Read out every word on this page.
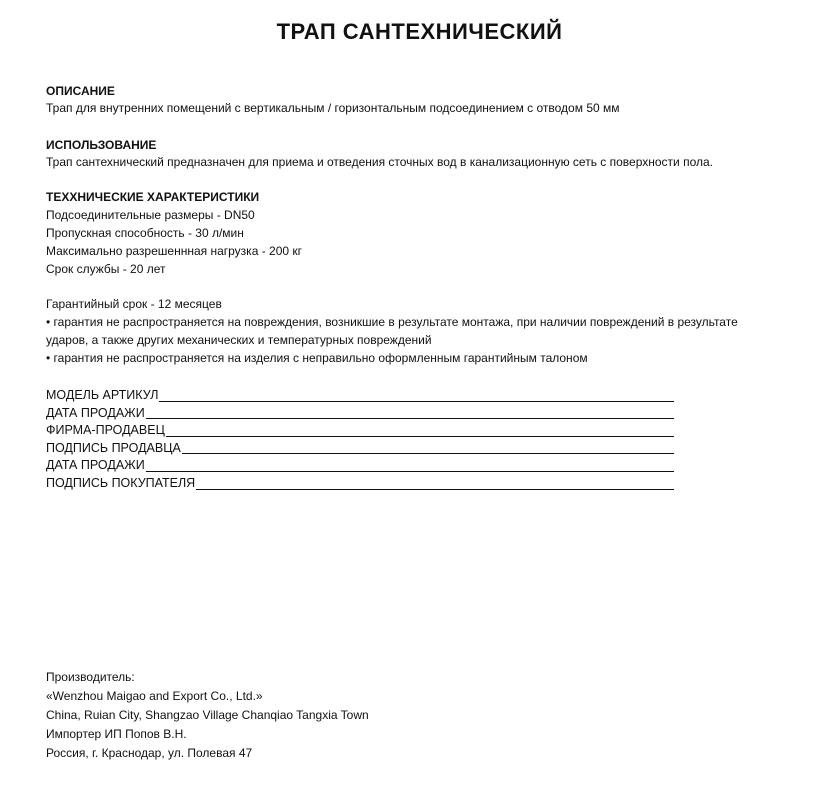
ТРАП САНТЕХНИЧЕСКИЙ
ОПИСАНИЕ
Трап для внутренних помещений с вертикальным / горизонтальным подсоединением с отводом 50 мм
ИСПОЛЬЗОВАНИЕ
Трап сантехнический предназначен для приема и отведения сточных вод в канализационную сеть с поверхности пола.
ТЕХХНИЧЕСКИЕ ХАРАКТЕРИСТИКИ
Подсоединительные размеры - DN50
Пропускная способность - 30 л/мин
Максимально разрешеннная нагрузка - 200 кг
Срок службы - 20 лет
Гарантийный срок - 12 месяцев
• гарантия не распространяется на повреждения, возникшие в результате монтажа, при наличии повреждений в результате ударов, а также других механических и температурных повреждений
• гарантия не распространяется на изделия с неправильно оформленным гарантийным талоном
МОДЕЛЬ АРТИКУЛ
ДАТА ПРОДАЖИ
ФИРМА-ПРОДАВЕЦ
ПОДПИСЬ ПРОДАВЦА
ДАТА ПРОДАЖИ
ПОДПИСЬ ПОКУПАТЕЛЯ
Производитель:
«Wenzhou Maigao and Export Co., Ltd.»
China, Ruian City, Shangzao Village Chanqiao Tangxia Town
Импортер ИП Попов В.Н.
Россия, г. Краснодар, ул. Полевая 47
